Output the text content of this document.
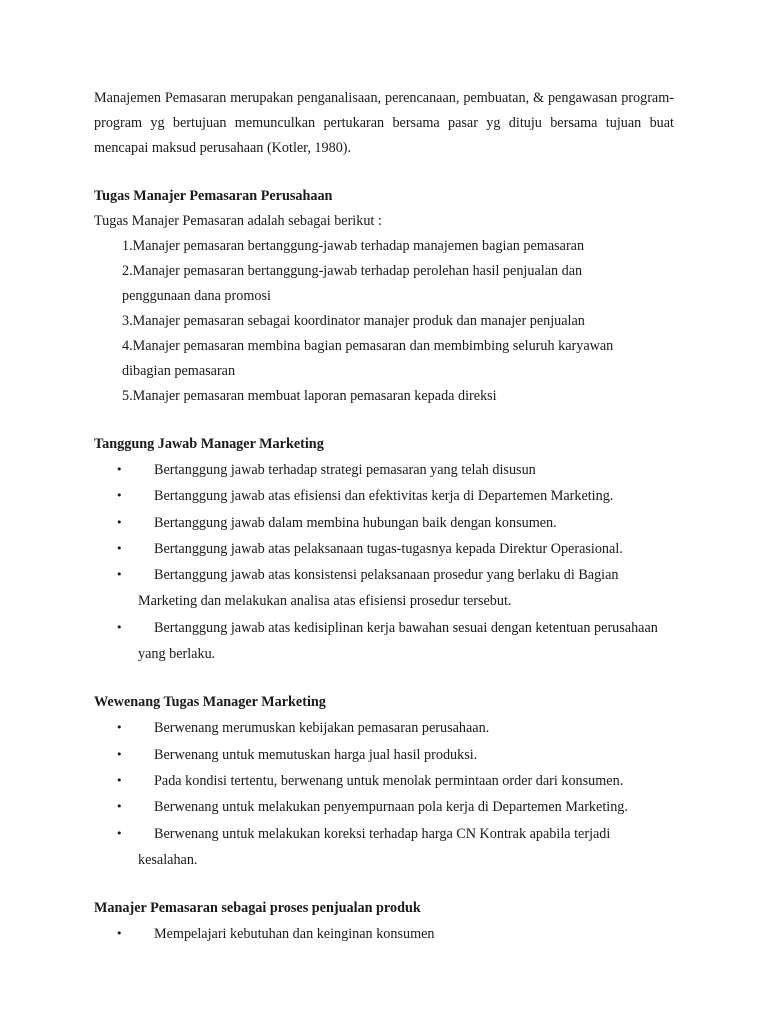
Manajemen Pemasaran merupakan penganalisaan, perencanaan, pembuatan, & pengawasan program-program yg bertujuan memunculkan pertukaran bersama pasar yg dituju bersama tujuan buat mencapai maksud perusahaan (Kotler, 1980).

Tugas Manajer Pemasaran Perusahaan

Tugas Manajer Pemasaran adalah sebagai berikut :

1.Manajer pemasaran bertanggung-jawab terhadap manajemen bagian pemasaran
2.Manajer pemasaran bertanggung-jawab terhadap perolehan hasil penjualan dan
penggunaan dana promosi
3.Manajer pemasaran sebagai koordinator manajer produk dan manajer penjualan
4.Manajer pemasaran membina bagian pemasaran dan membimbing seluruh karyawan
dibagian pemasaran
5.Manajer pemasaran membuat laporan pemasaran kepada direksi

Tanggung Jawab Manager Marketing

• Bertanggung jawab terhadap strategi pemasaran yang telah disusun
• Bertanggung jawab atas efisiensi dan efektivitas kerja di Departemen Marketing.
• Bertanggung jawab dalam membina hubungan baik dengan konsumen.
• Bertanggung jawab atas pelaksanaan tugas-tugasnya kepada Direktur Operasional.
• Bertanggung jawab atas konsistensi pelaksanaan prosedur yang berlaku di Bagian Marketing dan melakukan analisa atas efisiensi prosedur tersebut.
• Bertanggung jawab atas kedisiplinan kerja bawahan sesuai dengan ketentuan perusahaan yang berlaku.

Wewenang Tugas Manager Marketing

• Berwenang merumuskan kebijakan pemasaran perusahaan.
• Berwenang untuk memutuskan harga jual hasil produksi.
• Pada kondisi tertentu, berwenang untuk menolak permintaan order dari konsumen.
• Berwenang untuk melakukan penyempurnaan pola kerja di Departemen Marketing.
• Berwenang untuk melakukan koreksi terhadap harga CN Kontrak apabila terjadi kesalahan.

Manajer Pemasaran sebagai proses penjualan produk

• Mempelajari kebutuhan dan keinginan konsumen
